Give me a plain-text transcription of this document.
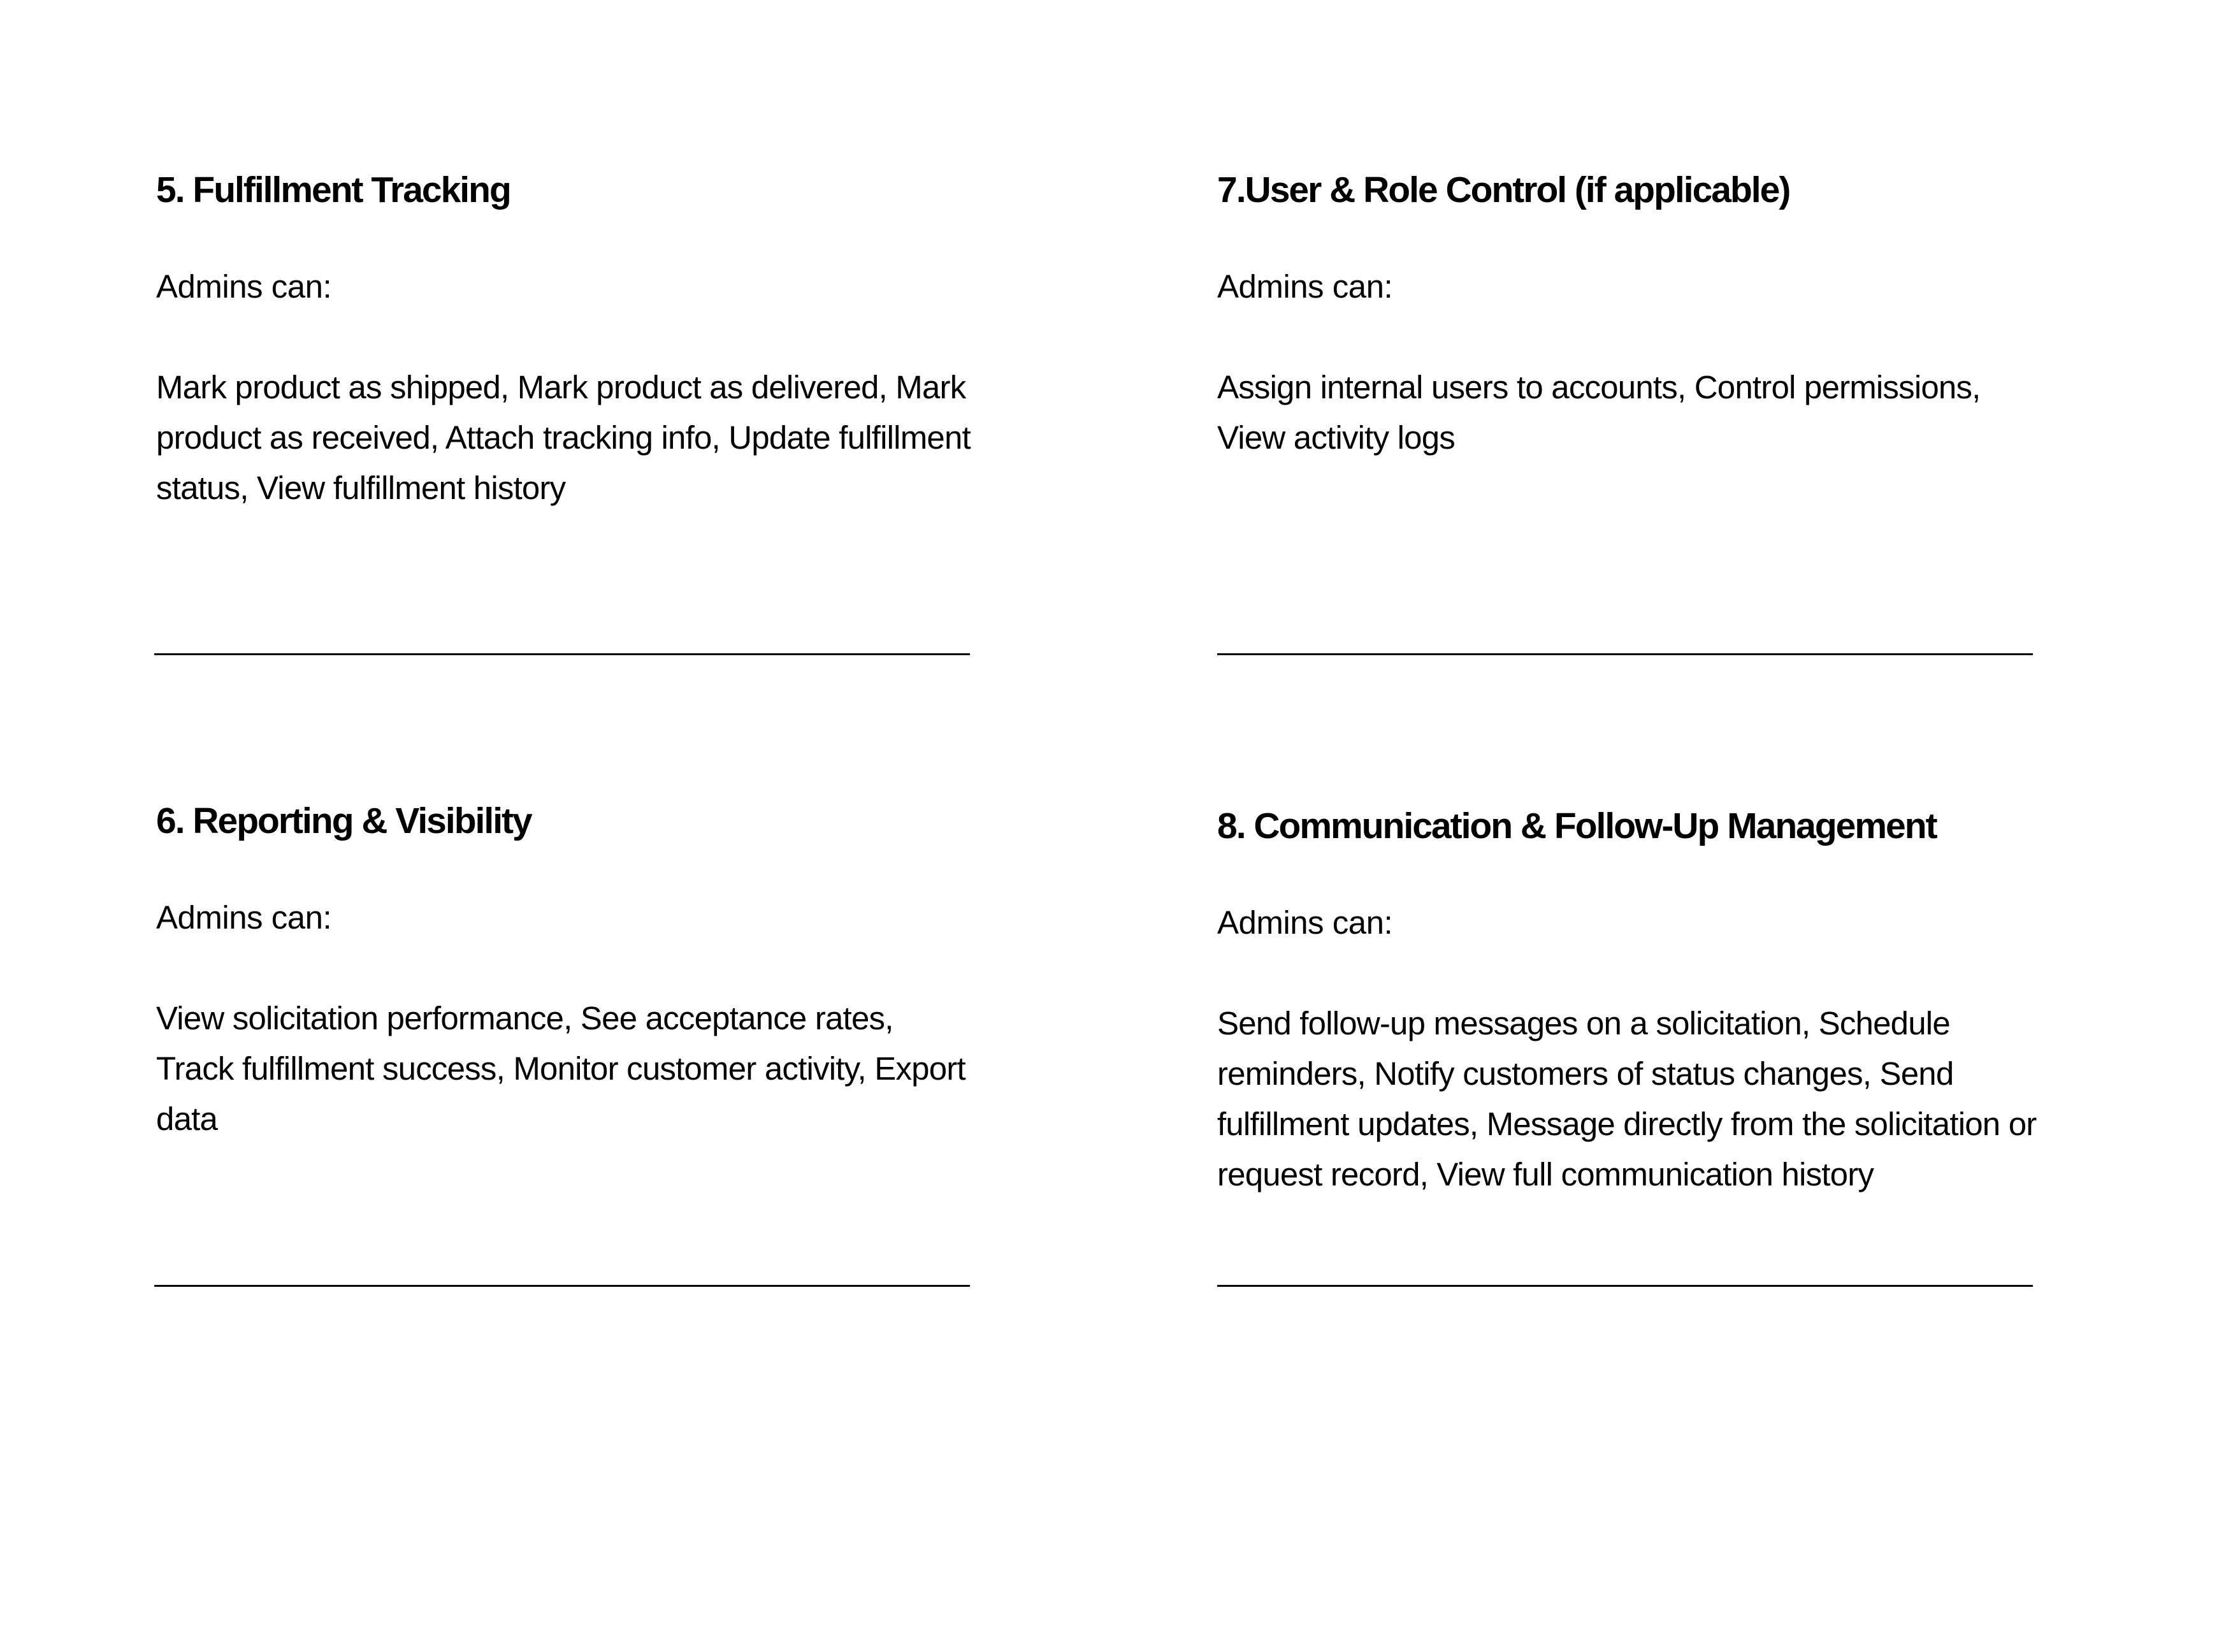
5. Fulfillment Tracking

Admins can:

Mark product as shipped, Mark product as delivered, Mark product as received, Attach tracking info, Update fulfillment status, View fulfillment history

7.User & Role Control (if applicable)

Admins can:

Assign internal users to accounts, Control permissions, View activity logs

6. Reporting & Visibility

Admins can:

View solicitation performance, See acceptance rates, Track fulfillment success, Monitor customer activity, Export data

8. Communication & Follow-Up Management

Admins can:

Send follow-up messages on a solicitation, Schedule reminders, Notify customers of status changes, Send fulfillment updates, Message directly from the solicitation or request record, View full communication history
